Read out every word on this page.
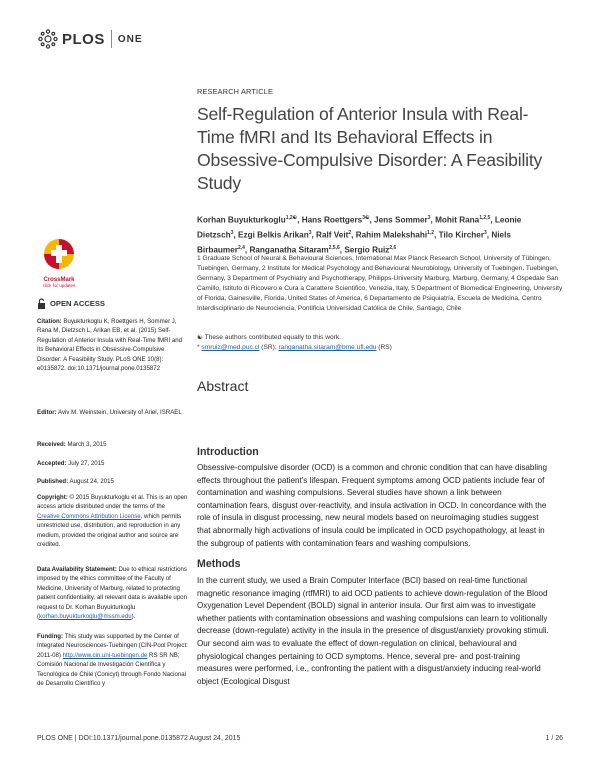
PLOS ONE
RESEARCH ARTICLE
Self-Regulation of Anterior Insula with Real-Time fMRI and Its Behavioral Effects in Obsessive-Compulsive Disorder: A Feasibility Study
Korhan Buyukturkoglu$^{1,2☯}$, Hans Roettgers$^{3☯}$, Jens Sommer$^3$, Mohit Rana$^{1,2,5}$, Leonie Dietzsch$^3$, Ezgi Belkis Arikan$^3$, Ralf Veit$^2$, Rahim Malekshahi$^{1,2}$, Tilo Kircher$^3$, Niels Birbaumer$^{2,4}$, Ranganatha Sitaram$^{2,5,6}$, Sergio Ruiz$^{2,6}$
1 Graduate School of Neural & Behavioural Sciences, International Max Planck Research School, University of Tübingen, Tuebingen, Germany, 2 Institute for Medical Psychology and Behavioural Neurobiology, University of Tuebingen, Tuebingen, Germany, 3 Department of Psychiatry and Psychotherapy, Philipps-University Marburg, Marburg, Germany, 4 Ospedale San Camillo, Istituto di Ricovero e Cura a Carattere Scientifico, Venezia, Italy, 5 Department of Biomedical Engineering, University of Florida, Gainesville, Florida, United States of America, 6 Departamento de Psiquiatría, Escuela de Medicina, Centro Interdisciplinario de Neurociencia, Pontificia Universidad Católica de Chile, Santiago, Chile
☯ These authors contributed equally to this work.
* smruiz@med.puc.cl (SR); ranganatha.sitaram@bme.ufl.edu (RS)
Abstract
Introduction
Obsessive-compulsive disorder (OCD) is a common and chronic condition that can have disabling effects throughout the patient's lifespan. Frequent symptoms among OCD patients include fear of contamination and washing compulsions. Several studies have shown a link between contamination fears, disgust over-reactivity, and insula activation in OCD. In concordance with the role of insula in disgust processing, new neural models based on neuroimaging studies suggest that abnormally high activations of insula could be implicated in OCD psychopathology, at least in the subgroup of patients with contamination fears and washing compulsions.
Methods
In the current study, we used a Brain Computer Interface (BCI) based on real-time functional magnetic resonance imaging (rtfMRI) to aid OCD patients to achieve down-regulation of the Blood Oxygenation Level Dependent (BOLD) signal in anterior insula. Our first aim was to investigate whether patients with contamination obsessions and washing compulsions can learn to volitionally decrease (down-regulate) activity in the insula in the presence of disgust/anxiety provoking stimuli. Our second aim was to evaluate the effect of down-regulation on clinical, behavioural and physiological changes pertaining to OCD symptoms. Hence, several pre- and post-training measures were performed, i.e., confronting the patient with a disgust/anxiety inducing real-world object (Ecological Disgust
CrossMark
click for updates
OPEN ACCESS
Citation: Buyukturkoglu K, Roettgers H, Sommer J, Rana M, Dietzsch L, Arikan EB, et al. (2015) Self-Regulation of Anterior Insula with Real-Time fMRI and Its Behavioral Effects in Obsessive-Compulsive Disorder: A Feasibility Study. PLoS ONE 10(8): e0135872. doi:10.1371/journal.pone.0135872
Editor: Aviv M. Weinstein, University of Ariel, ISRAEL
Received: March 3, 2015
Accepted: July 27, 2015
Published: August 24, 2015
Copyright: © 2015 Buyukturkoglu et al. This is an open access article distributed under the terms of the Creative Commons Attribution License, which permits unrestricted use, distribution, and reproduction in any medium, provided the original author and source are credited.
Data Availability Statement: Due to ethical restrictions imposed by the ethics committee of the Faculty of Medicine, University of Marburg, related to protecting patient confidentiality, all relevant data is available upon request to Dr. Korhan Buyukturkoglu (korhan.buyukturkoglu@mssm.edu).
Funding: This study was supported by the Center of Integrated Neurosciences-Tuebingen (CIN-Pool Project: 2011-08) http://www.cin.uni-tuebingen.de RS SR NB; Comisión Nacional de Investigación Científica y Tecnológica de Chile (Conicyt) through Fondo Nacional de Desarrollo Científico y
PLOS ONE | DOI:10.1371/journal.pone.0135872 August 24, 2015	1 / 26
